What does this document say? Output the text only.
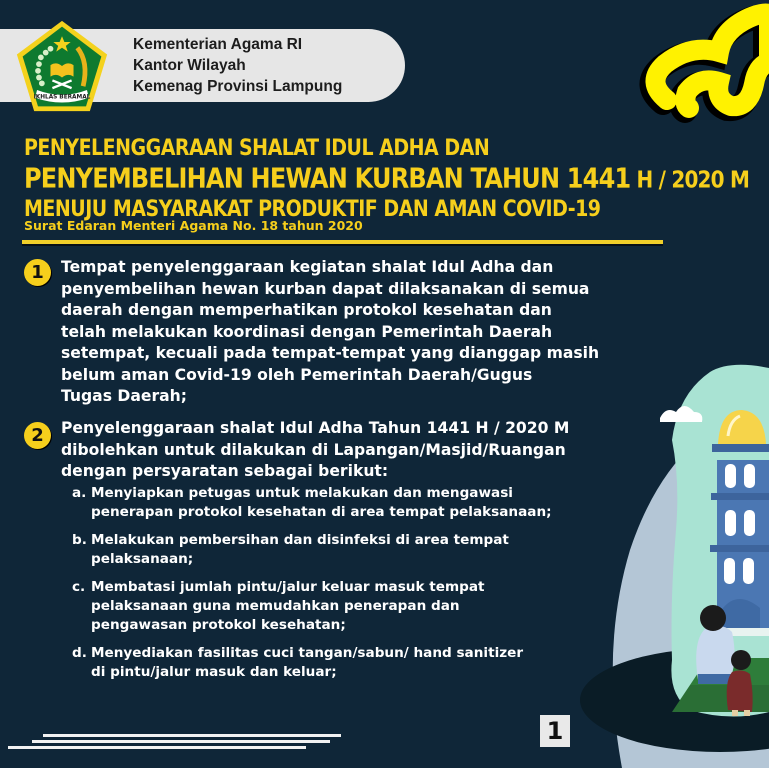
IKHLAS BERAMAL
Kementerian Agama RI
Kantor Wilayah
Kemenag Provinsi Lampung
PENYELENGGARAAN SHALAT IDUL ADHA DAN
PENYEMBELIHAN HEWAN KURBAN TAHUN 1441 H / 2020 M
MENUJU MASYARAKAT PRODUKTIF DAN AMAN COVID-19
Surat Edaran Menteri Agama No. 18 tahun 2020
1	Tempat penyelenggaraan kegiatan shalat Idul Adha dan
penyembelihan hewan kurban dapat dilaksanakan di semua
daerah dengan memperhatikan protokol kesehatan dan
telah melakukan koordinasi dengan Pemerintah Daerah
setempat, kecuali pada tempat-tempat yang dianggap masih
belum aman Covid-19 oleh Pemerintah Daerah/Gugus
Tugas Daerah;
2	Penyelenggaraan shalat Idul Adha Tahun 1441 H / 2020 M
dibolehkan untuk dilakukan di Lapangan/Masjid/Ruangan
dengan persyaratan sebagai berikut:
a. Menyiapkan petugas untuk melakukan dan mengawasi
penerapan protokol kesehatan di area tempat pelaksanaan;
b. Melakukan pembersihan dan disinfeksi di area tempat
pelaksanaan;
c. Membatasi jumlah pintu/jalur keluar masuk tempat
pelaksanaan guna memudahkan penerapan dan
pengawasan protokol kesehatan;
d. Menyediakan fasilitas cuci tangan/sabun/ hand sanitizer
di pintu/jalur masuk dan keluar;
1
